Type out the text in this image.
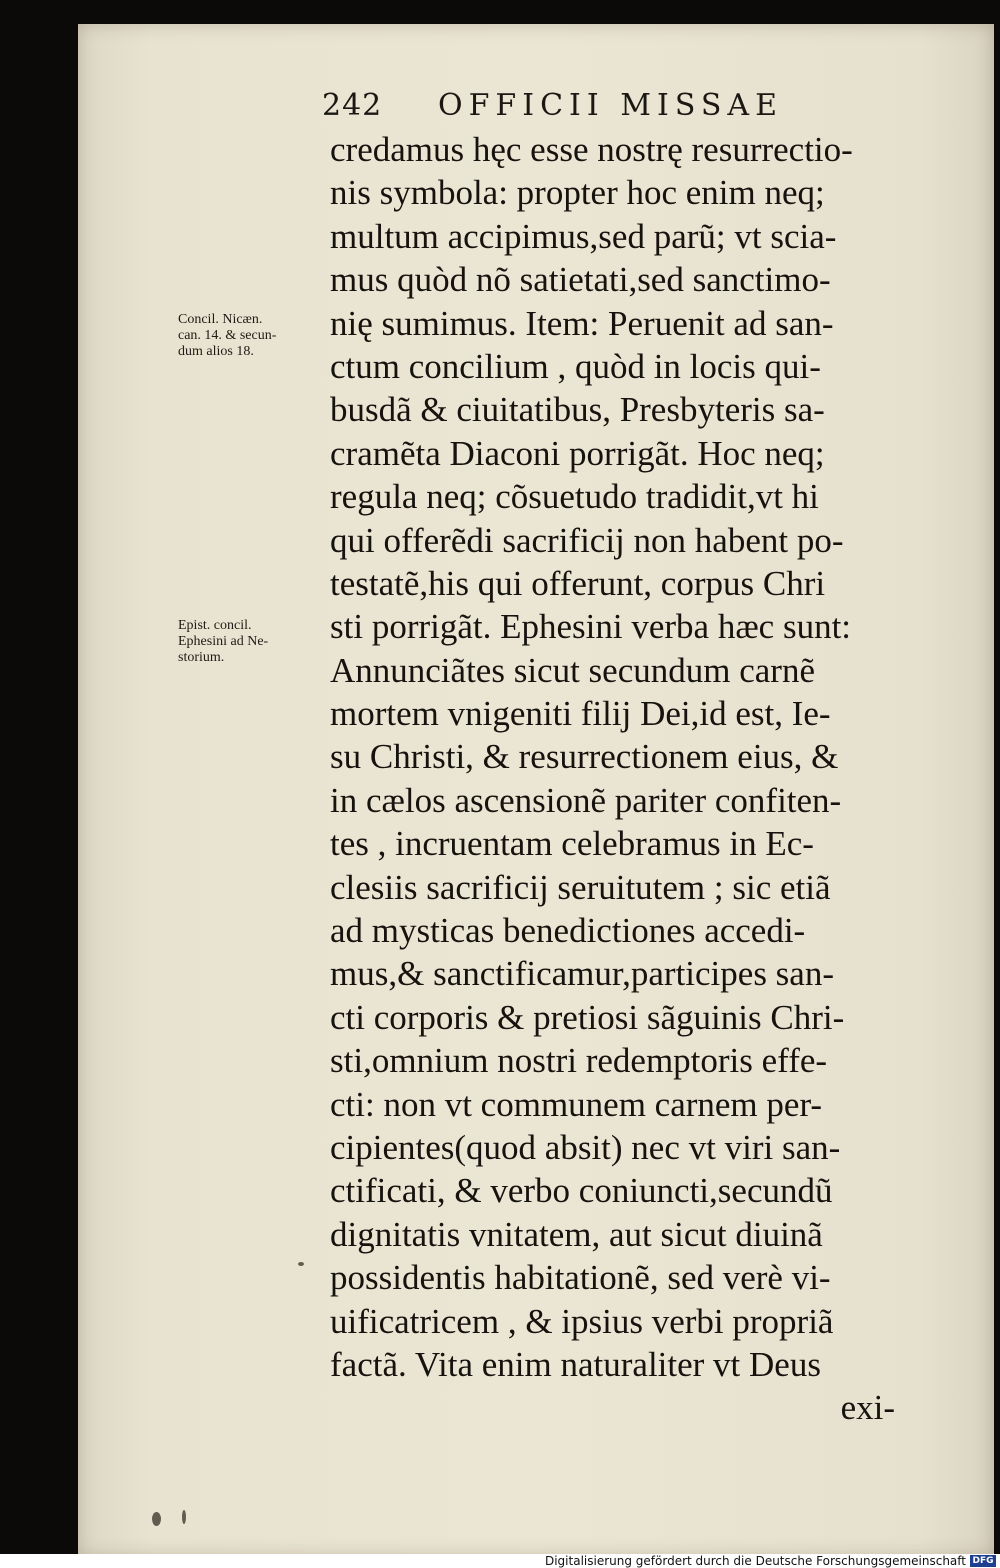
242 OFFICII MISSAE
credamus hęc esse nostrę resurrectio-
nis symbola: propter hoc enim neq;
multum accipimus,sed parũ; vt scia-
mus quòd nõ satietati,sed sanctimo-
nię sumimus. Item: Peruenit ad san-
ctum concilium , quòd in locis qui-
busdã & ciuitatibus, Presbyteris sa-
cramẽta Diaconi porrigãt. Hoc neq;
regula neq; cõsuetudo tradidit,vt hi
qui offerẽdi sacrificij non habent po-
testatẽ,his qui offerunt, corpus Chri
sti porrigãt. Ephesini verba hæc sunt:
Annunciãtes sicut secundum carnẽ
mortem vnigeniti filij Dei,id est, Ie-
su Christi, & resurrectionem eius, &
in cælos ascensionẽ pariter confiten-
tes , incruentam celebramus in Ec-
clesiis sacrificij seruitutem ; sic etiã
ad mysticas benedictiones accedi-
mus,& sanctificamur,participes san-
cti corporis & pretiosi sãguinis Chri-
sti,omnium nostri redemptoris effe-
cti: non vt communem carnem per-
cipientes(quod absit) nec vt viri san-
ctificati, & verbo coniuncti,secundũ
dignitatis vnitatem, aut sicut diuinã
possidentis habitationẽ, sed verè vi-
uificatricem , & ipsius verbi propriã
factã. Vita enim naturaliter vt Deus
exi-
Concil. Nicæn.
can. 14. & secun-
dum alios 18.
Epist. concil.
Ephesini ad Ne-
storium.
Digitalisierung gefördert durch die Deutsche Forschungsgemeinschaft DFG
